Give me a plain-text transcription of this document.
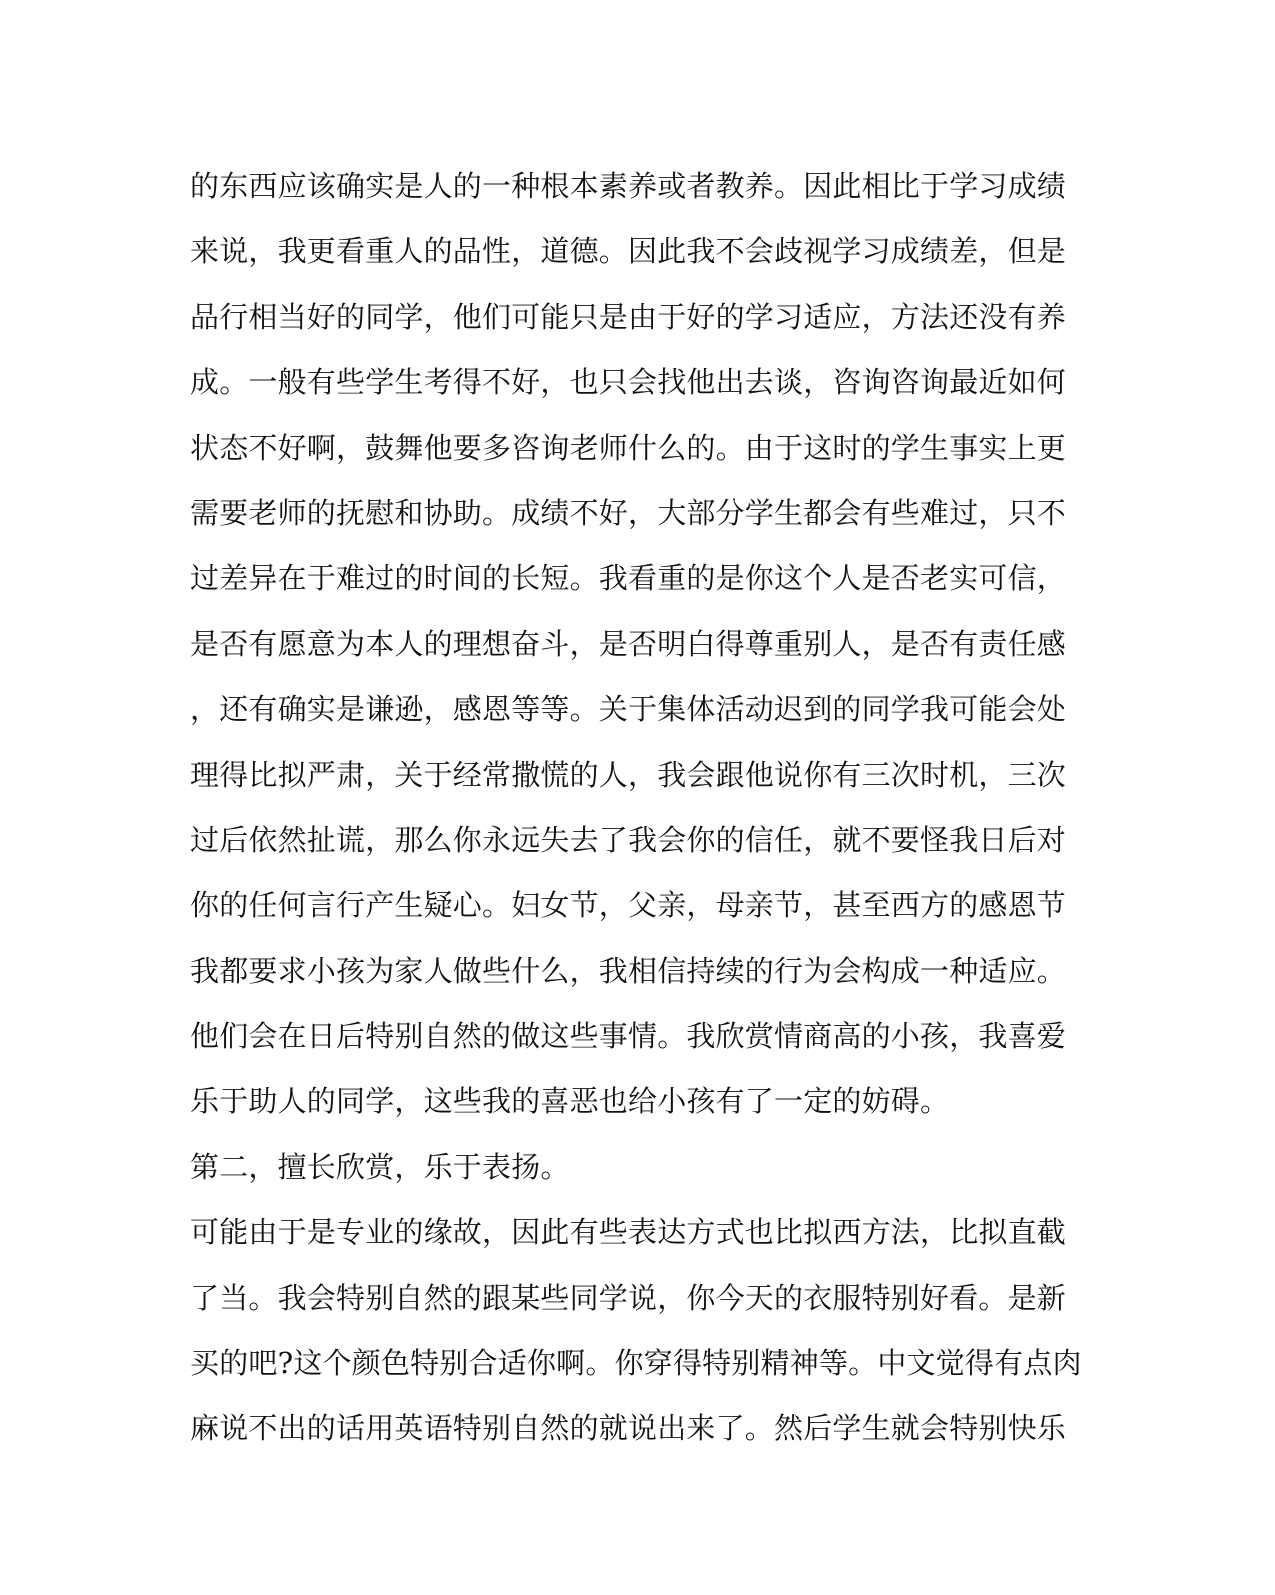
的东西应该确实是人的一种根本素养或者教养。因此相比于学习成绩
来说，我更看重人的品性，道德。因此我不会歧视学习成绩差，但是
品行相当好的同学，他们可能只是由于好的学习适应，方法还没有养
成。一般有些学生考得不好，也只会找他出去谈，咨询咨询最近如何
状态不好啊，鼓舞他要多咨询老师什么的。由于这时的学生事实上更
需要老师的抚慰和协助。成绩不好，大部分学生都会有些难过，只不
过差异在于难过的时间的长短。我看重的是你这个人是否老实可信，
是否有愿意为本人的理想奋斗，是否明白得尊重别人，是否有责任感
，还有确实是谦逊，感恩等等。关于集体活动迟到的同学我可能会处
理得比拟严肃，关于经常撒慌的人，我会跟他说你有三次时机，三次
过后依然扯谎，那么你永远失去了我会你的信任，就不要怪我日后对
你的任何言行产生疑心。妇女节，父亲，母亲节，甚至西方的感恩节
我都要求小孩为家人做些什么，我相信持续的行为会构成一种适应。
他们会在日后特别自然的做这些事情。我欣赏情商高的小孩，我喜爱
乐于助人的同学，这些我的喜恶也给小孩有了一定的妨碍。
第二，擅长欣赏，乐于表扬。
可能由于是专业的缘故，因此有些表达方式也比拟西方法，比拟直截
了当。我会特别自然的跟某些同学说，你今天的衣服特别好看。是新
买的吧?这个颜色特别合适你啊。你穿得特别精神等。中文觉得有点肉
麻说不出的话用英语特别自然的就说出来了。然后学生就会特别快乐
